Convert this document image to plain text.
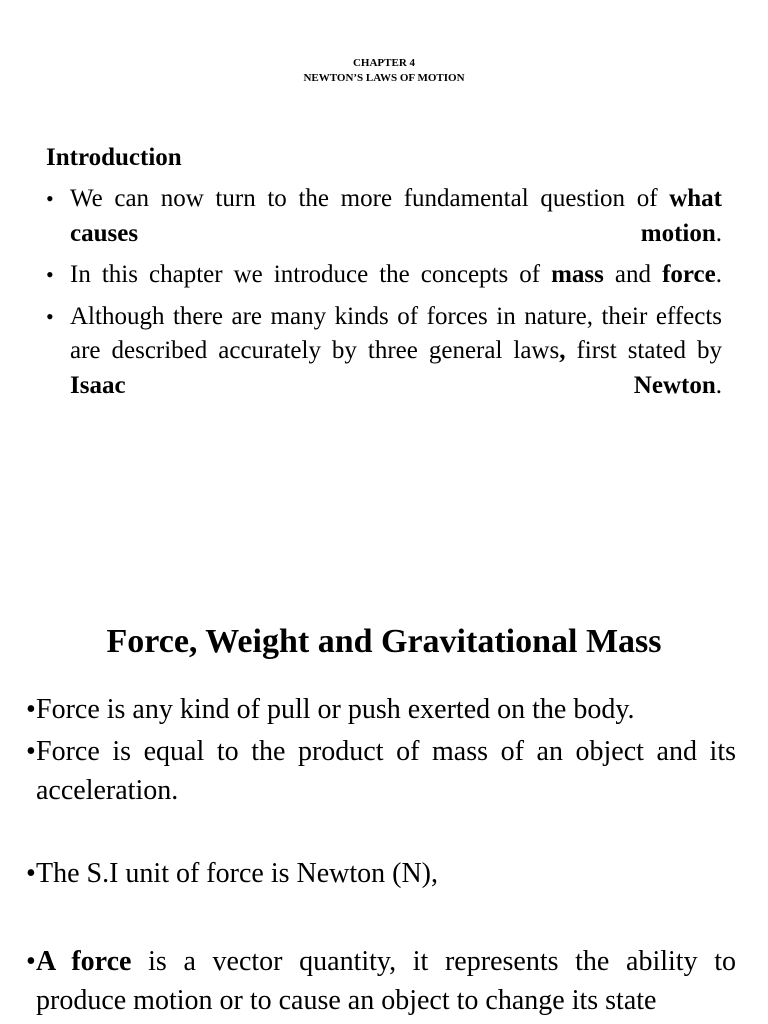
CHAPTER 4
NEWTON’S LAWS OF MOTION
Introduction
• We can now turn to the more fundamental question of what causes motion.
• In this chapter we introduce the concepts of mass and force.
• Although there are many kinds of forces in nature, their effects are described accurately by three general laws, first stated by Isaac Newton.
Force, Weight and Gravitational Mass
• Force is any kind of pull or push exerted on the body.
• Force is equal to the product of mass of an object and its acceleration.
• The S.I unit of force is Newton (N),
• A force is a vector quantity, it represents the ability to produce motion or to cause an object to change its state
